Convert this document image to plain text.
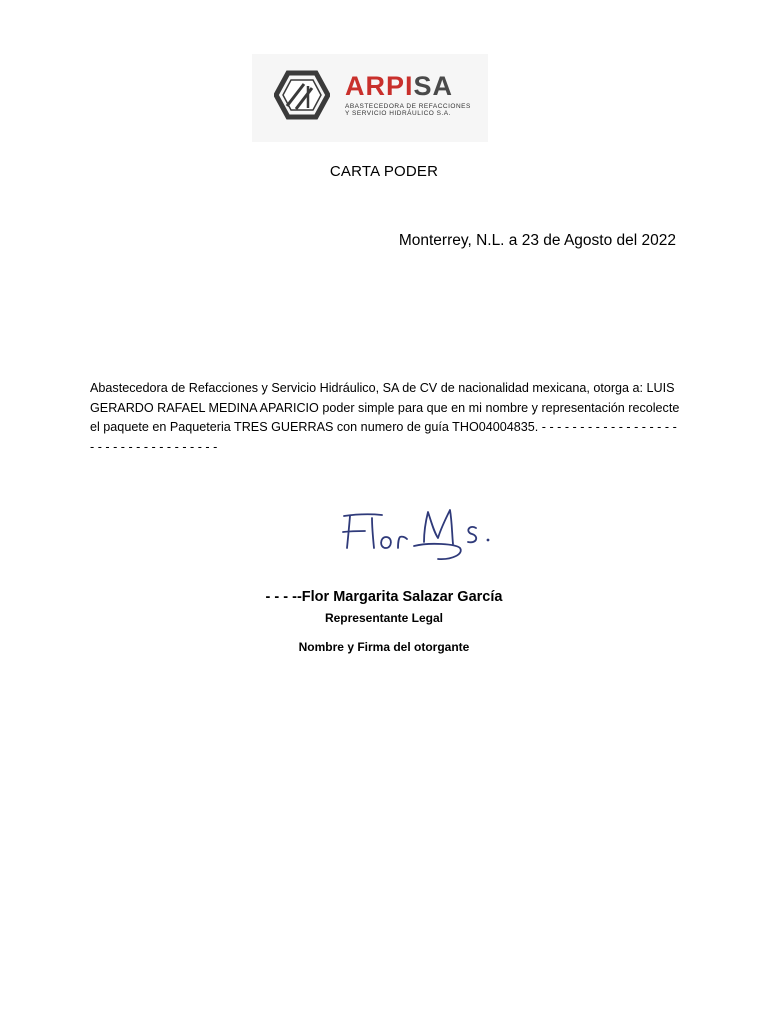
ARPISA
ABASTECEDORA DE REFACCIONES Y SERVICIO HIDRÁULICO S.A.
CARTA PODER
Monterrey, N.L. a 23 de Agosto del 2022
Abastecedora de Refacciones y Servicio Hidráulico, SA de CV de nacionalidad mexicana, otorga a: LUIS GERARDO RAFAEL MEDINA APARICIO poder simple para que en mi nombre y representación recolecte el paquete en Paqueteria TRES GUERRAS con numero de guía THO04004835. - - - - - - - - - - - - - - - - - - - - - - - - - - - - - - - - - - -
- - - --Flor Margarita Salazar García
Representante Legal
Nombre y Firma del otorgante
